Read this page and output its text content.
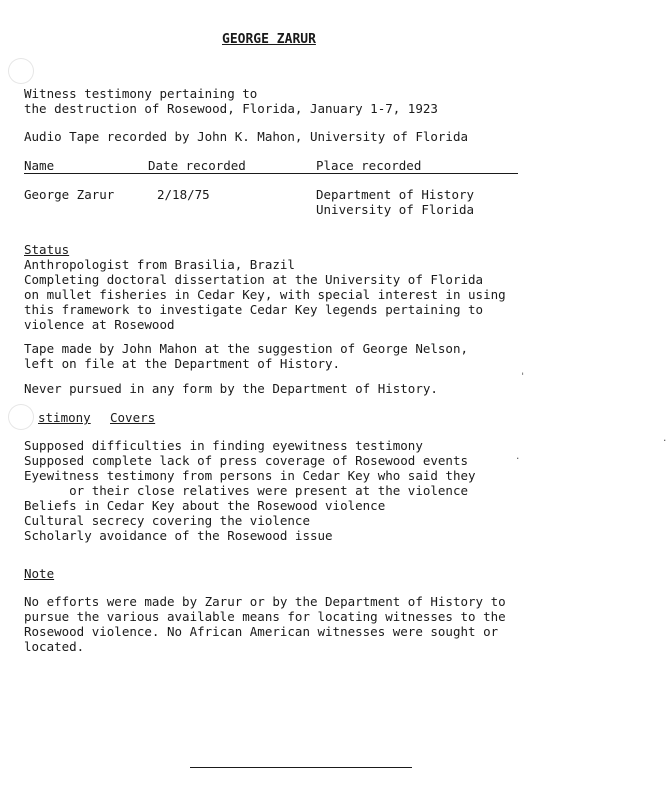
GEORGE ZARUR
Witness testimony pertaining to
the destruction of Rosewood, Florida, January 1-7, 1923
Audio Tape recorded by John K. Mahon, University of Florida
Name	Date recorded	Place recorded
George Zarur	2/18/75	Department of History
University of Florida
Status
Anthropologist from Brasilia, Brazil
Completing doctoral dissertation at the University of Florida
on mullet fisheries in Cedar Key, with special interest in using
this framework to investigate Cedar Key legends pertaining to
violence at Rosewood
Tape made by John Mahon at the suggestion of George Nelson,
left on file at the Department of History.
Never pursued in any form by the Department of History.
stimony Covers
Supposed difficulties in finding eyewitness testimony
Supposed complete lack of press coverage of Rosewood events
Eyewitness testimony from persons in Cedar Key who said they
or their close relatives were present at the violence
Beliefs in Cedar Key about the Rosewood violence
Cultural secrecy covering the violence
Scholarly avoidance of the Rosewood issue
Note
No efforts were made by Zarur or by the Department of History to
pursue the various available means for locating witnesses to the
Rosewood violence. No African American witnesses were sought or
located.
'
.
.
